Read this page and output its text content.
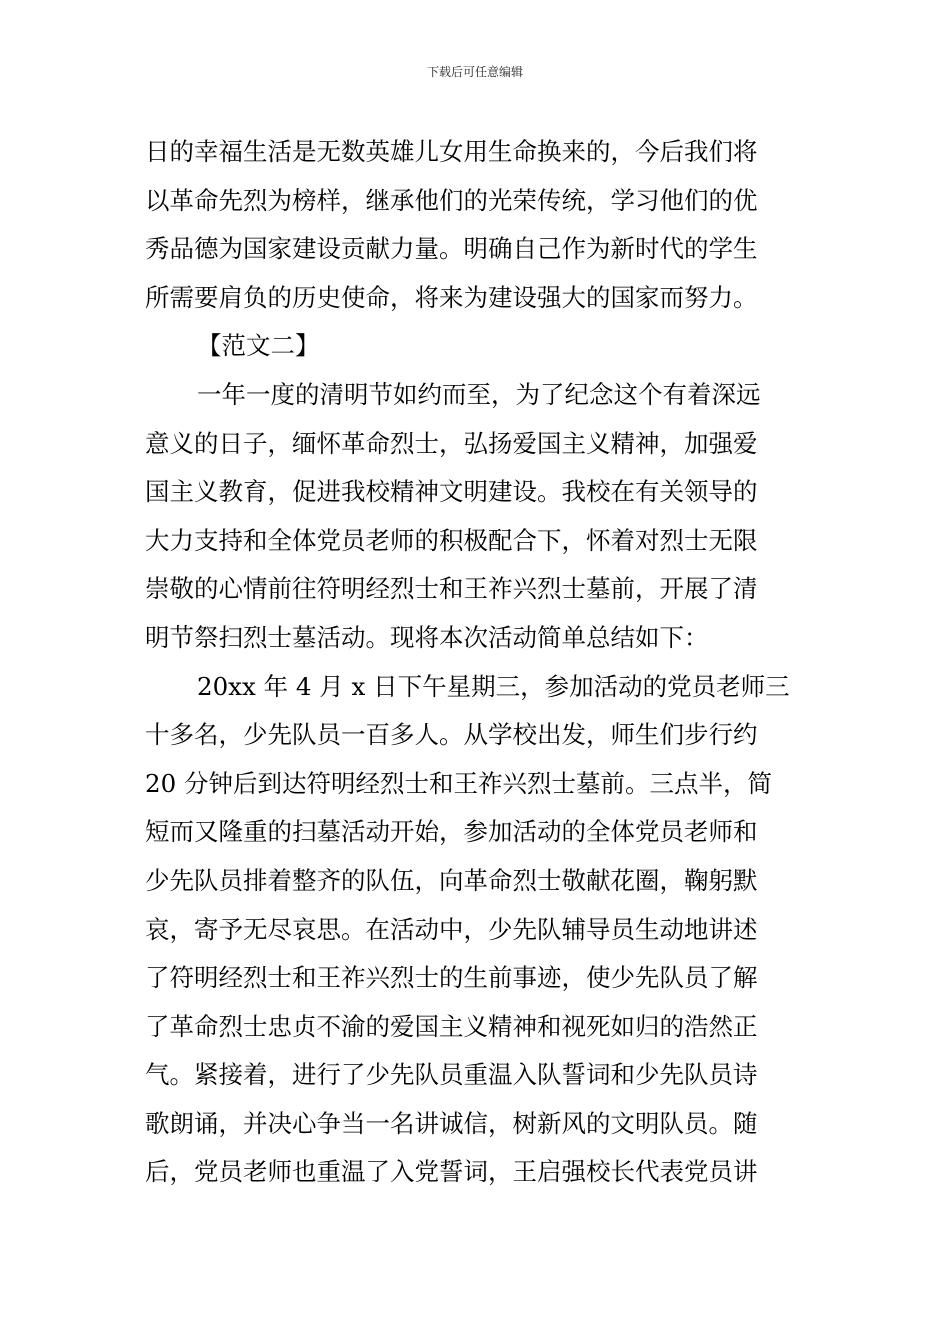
下载后可任意编辑
日的幸福生活是无数英雄儿女用生命换来的，今后我们将
以革命先烈为榜样，继承他们的光荣传统，学习他们的优
秀品德为国家建设贡献力量。明确自己作为新时代的学生
所需要肩负的历史使命，将来为建设强大的国家而努力。
【范文二】
一年一度的清明节如约而至，为了纪念这个有着深远
意义的日子，缅怀革命烈士，弘扬爱国主义精神，加强爱
国主义教育，促进我校精神文明建设。我校在有关领导的
大力支持和全体党员老师的积极配合下，怀着对烈士无限
崇敬的心情前往符明经烈士和王祚兴烈士墓前，开展了清
明节祭扫烈士墓活动。现将本次活动简单总结如下：
20xx 年 4 月 x 日下午星期三，参加活动的党员老师三
十多名，少先队员一百多人。从学校出发，师生们步行约
20 分钟后到达符明经烈士和王祚兴烈士墓前。三点半，简
短而又隆重的扫墓活动开始，参加活动的全体党员老师和
少先队员排着整齐的队伍，向革命烈士敬献花圈，鞠躬默
哀，寄予无尽哀思。在活动中，少先队辅导员生动地讲述
了符明经烈士和王祚兴烈士的生前事迹，使少先队员了解
了革命烈士忠贞不渝的爱国主义精神和视死如归的浩然正
气。紧接着，进行了少先队员重温入队誓词和少先队员诗
歌朗诵，并决心争当一名讲诚信，树新风的文明队员。随
后，党员老师也重温了入党誓词，王启强校长代表党员讲
